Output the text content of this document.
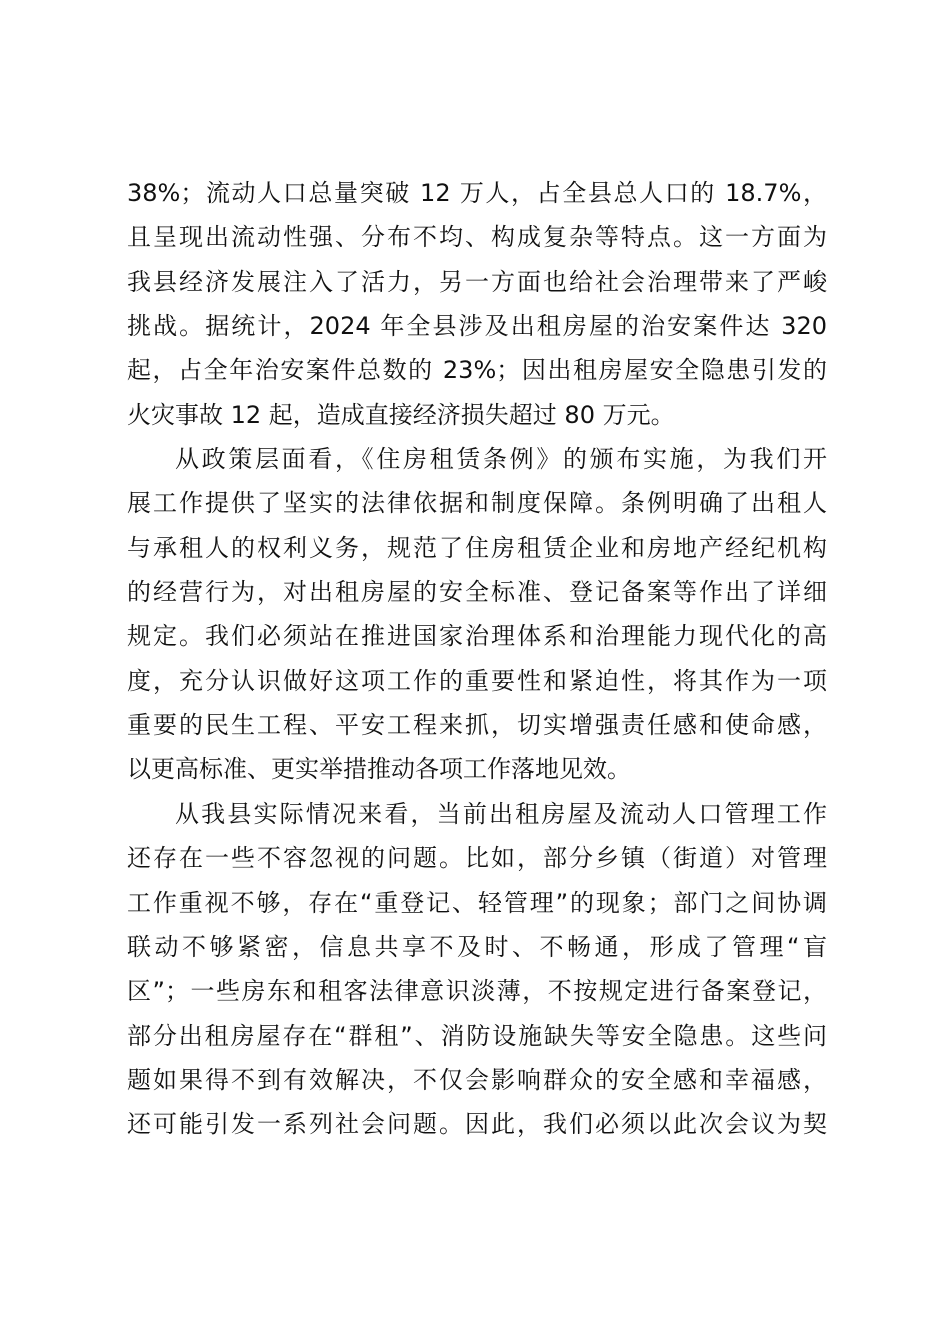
38%；流动人口总量突破 12 万人，占全县总人口的 18.7%，
且呈现出流动性强、分布不均、构成复杂等特点。这一方面为
我县经济发展注入了活力，另一方面也给社会治理带来了严峻
挑战。据统计，2024 年全县涉及出租房屋的治安案件达 320
起，占全年治安案件总数的 23%；因出租房屋安全隐患引发的
火灾事故 12 起，造成直接经济损失超过 80 万元。
从政策层面看，《住房租赁条例》的颁布实施，为我们开
展工作提供了坚实的法律依据和制度保障。条例明确了出租人
与承租人的权利义务，规范了住房租赁企业和房地产经纪机构
的经营行为，对出租房屋的安全标准、登记备案等作出了详细
规定。我们必须站在推进国家治理体系和治理能力现代化的高
度，充分认识做好这项工作的重要性和紧迫性，将其作为一项
重要的民生工程、平安工程来抓，切实增强责任感和使命感，
以更高标准、更实举措推动各项工作落地见效。
从我县实际情况来看，当前出租房屋及流动人口管理工作
还存在一些不容忽视的问题。比如，部分乡镇（街道）对管理
工作重视不够，存在“重登记、轻管理”的现象；部门之间协调
联动不够紧密，信息共享不及时、不畅通，形成了管理“盲
区”；一些房东和租客法律意识淡薄，不按规定进行备案登记，
部分出租房屋存在“群租”、消防设施缺失等安全隐患。这些问
题如果得不到有效解决，不仅会影响群众的安全感和幸福感，
还可能引发一系列社会问题。因此，我们必须以此次会议为契
